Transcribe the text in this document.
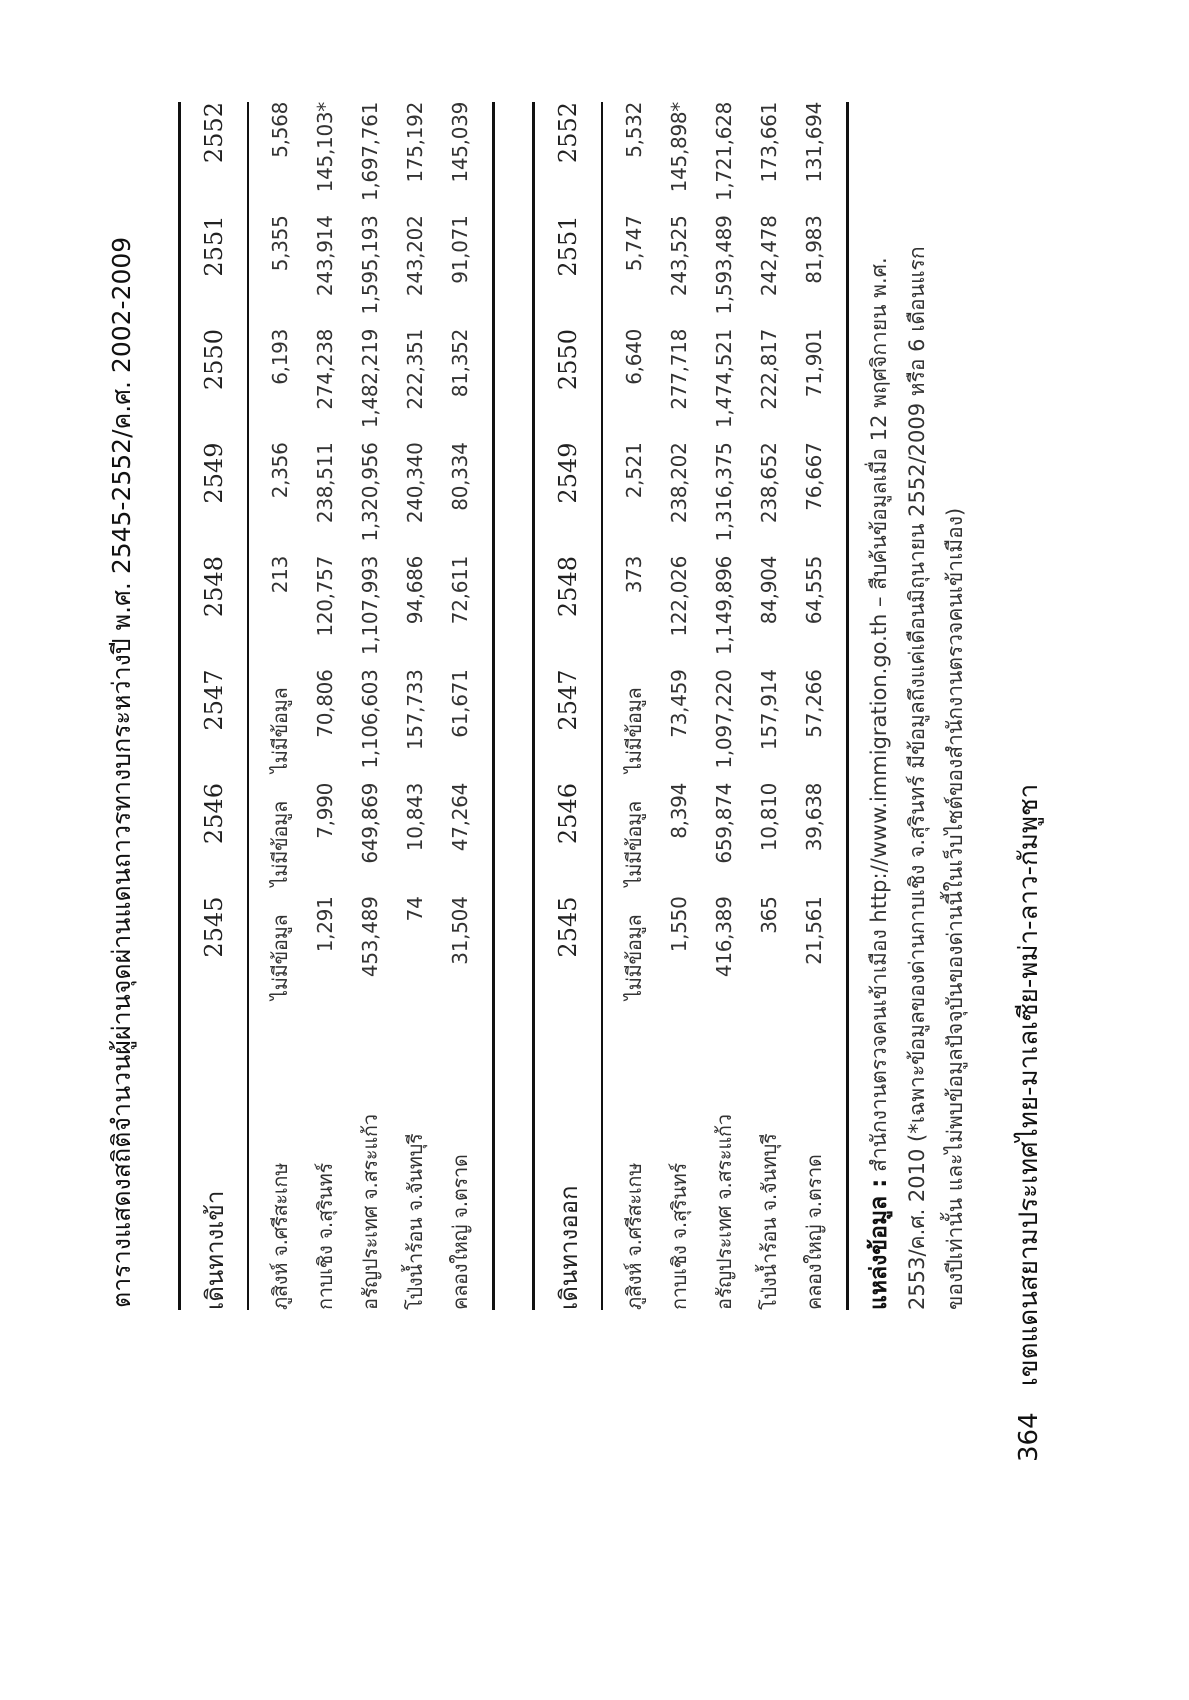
ตารางแสดงสถิติจำนวนผู้ผ่านจุดผ่านแดนถาวรทางบกระหว่างปี พ.ศ. 2545-2552/ค.ศ. 2002-2009	เดินทางเข้า	2545	2546	2547	2548	2549	2550	2551	2552
ภูสิงห์ จ.ศรีสะเกษ	ไม่มีข้อมูล	ไม่มีข้อมูล	ไม่มีข้อมูล	213	2,356	6,193	5,355	5,568
กาบเชิง จ.สุรินทร์	1,291	7,990	70,806	120,757	238,511	274,238	243,914	145,103*
อรัญประเทศ จ.สระแก้ว	453,489	649,869	1,106,603	1,107,993	1,320,956	1,482,219	1,595,193	1,697,761
โป่งน้ำร้อน จ.จันทบุรี	74	10,843	157,733	94,686	240,340	222,351	243,202	175,192
คลองใหญ่ จ.ตราด	31,504	47,264	61,671	72,611	80,334	81,352	91,071	145,039
เดินทางออก	2545	2546	2547	2548	2549	2550	2551	2552
ภูสิงห์ จ.ศรีสะเกษ	ไม่มีข้อมูล	ไม่มีข้อมูล	ไม่มีข้อมูล	373	2,521	6,640	5,747	5,532
กาบเชิง จ.สุรินทร์	1,550	8,394	73,459	122,026	238,202	277,718	243,525	145,898*
อรัญประเทศ จ.สระแก้ว	416,389	659,874	1,097,220	1,149,896	1,316,375	1,474,521	1,593,489	1,721,628
โป่งน้ำร้อน จ.จันทบุรี	365	10,810	157,914	84,904	238,652	222,817	242,478	173,661
คลองใหญ่ จ.ตราด	21,561	39,638	57,266	64,555	76,667	71,901	81,983	131,694
แหล่งข้อมูล : สำนักงานตรวจคนเข้าเมือง http://www.immigration.go.th – สืบค้นข้อมูลเมื่อ 12 พฤศจิกายน พ.ศ. 2553/ค.ศ. 2010 (*เฉพาะข้อมูลของด่านกาบเชิง จ.สุรินทร์ มีข้อมูลถึงแค่เดือนมิถุนายน 2552/2009 หรือ 6 เดือนแรก ของปีเท่านั้น และไม่พบข้อมูลปัจจุบันของด่านนี้ในเว็บไซต์ของสำนักงานตรวจคนเข้าเมือง)
364 เขตแดนสยามประเทศไทย-มาเลเซีย-พม่า-ลาว-กัมพูชา
